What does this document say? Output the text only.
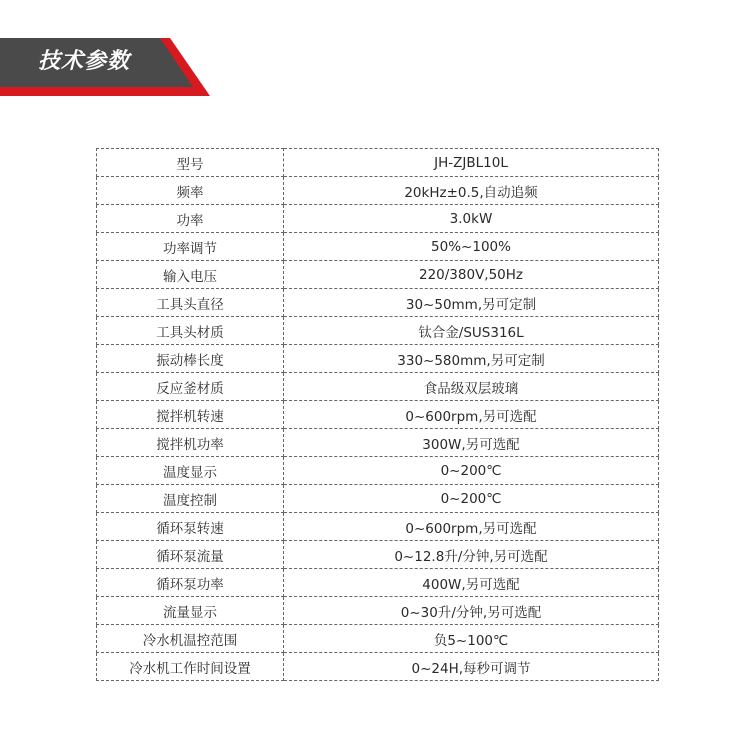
技术参数
型号	JH-ZJBL10L
频率	20kHz±0.5,自动追频
功率	3.0kW
功率调节	50%~100%
输入电压	220/380V,50Hz
工具头直径	30~50mm,另可定制
工具头材质	钛合金/SUS316L
振动棒长度	330~580mm,另可定制
反应釜材质	食品级双层玻璃
搅拌机转速	0~600rpm,另可选配
搅拌机功率	300W,另可选配
温度显示	0~200℃
温度控制	0~200℃
循环泵转速	0~600rpm,另可选配
循环泵流量	0~12.8升/分钟,另可选配
循环泵功率	400W,另可选配
流量显示	0~30升/分钟,另可选配
冷水机温控范围	负5~100℃
冷水机工作时间设置	0~24H,每秒可调节
